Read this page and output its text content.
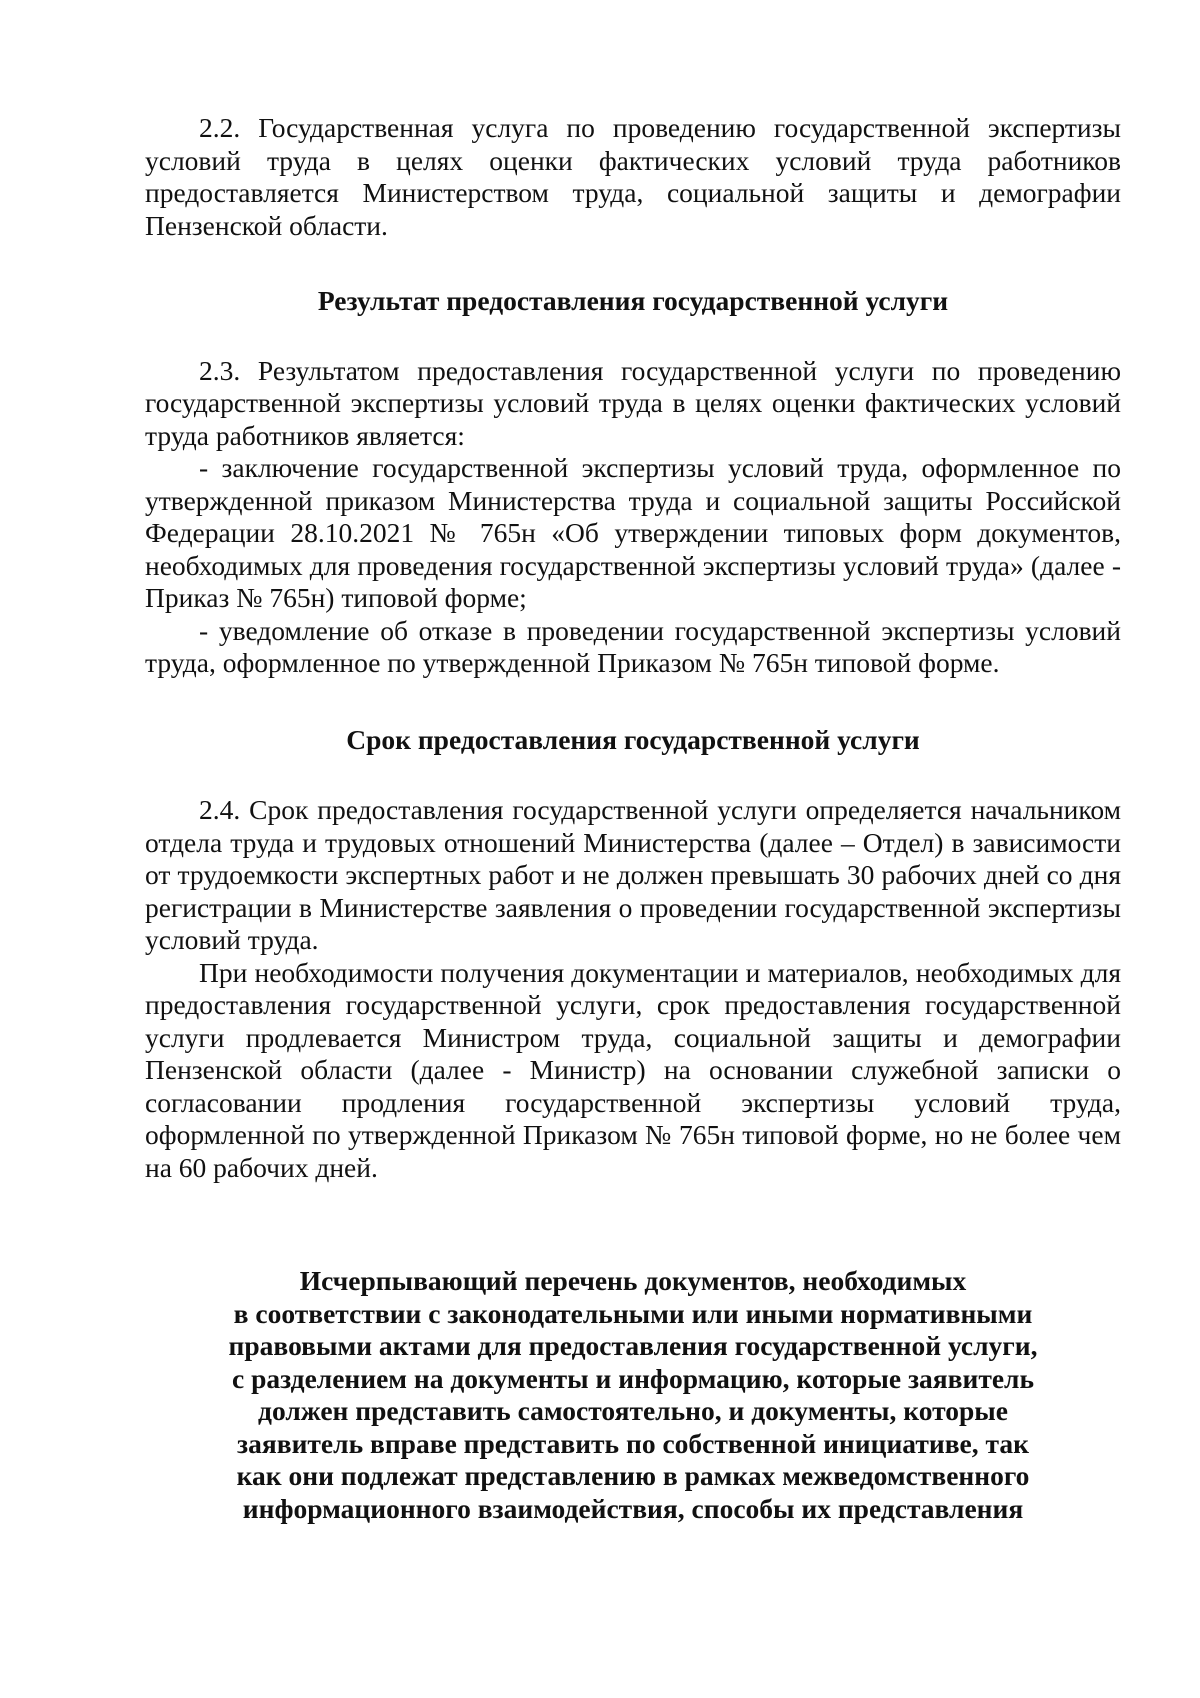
2.2. Государственная услуга по проведению государственной экспертизы условий труда в целях оценки фактических условий труда работников предоставляется Министерством труда, социальной защиты и демографии Пензенской области.

Результат предоставления государственной услуги

2.3. Результатом предоставления государственной услуги по проведению государственной экспертизы условий труда в целях оценки фактических условий труда работников является:

- заключение государственной экспертизы условий труда, оформленное по утвержденной приказом Министерства труда и социальной защиты Российской Федерации 28.10.2021 № 765н «Об утверждении типовых форм документов, необходимых для проведения государственной экспертизы условий труда» (далее - Приказ № 765н) типовой форме;

- уведомление об отказе в проведении государственной экспертизы условий труда, оформленное по утвержденной Приказом № 765н типовой форме.

Срок предоставления государственной услуги

2.4. Срок предоставления государственной услуги определяется начальником отдела труда и трудовых отношений Министерства (далее – Отдел) в зависимости от трудоемкости экспертных работ и не должен превышать 30 рабочих дней со дня регистрации в Министерстве заявления о проведении государственной экспертизы условий труда.

При необходимости получения документации и материалов, необходимых для предоставления государственной услуги, срок предоставления государственной услуги продлевается Министром труда, социальной защиты и демографии Пензенской области (далее - Министр) на основании служебной записки о согласовании продления государственной экспертизы условий труда, оформленной по утвержденной Приказом № 765н типовой форме, но не более чем на 60 рабочих дней.

Исчерпывающий перечень документов, необходимых
в соответствии с законодательными или иными нормативными
правовыми актами для предоставления государственной услуги,
с разделением на документы и информацию, которые заявитель
должен представить самостоятельно, и документы, которые
заявитель вправе представить по собственной инициативе, так
как они подлежат представлению в рамках межведомственного
информационного взаимодействия, способы их представления
